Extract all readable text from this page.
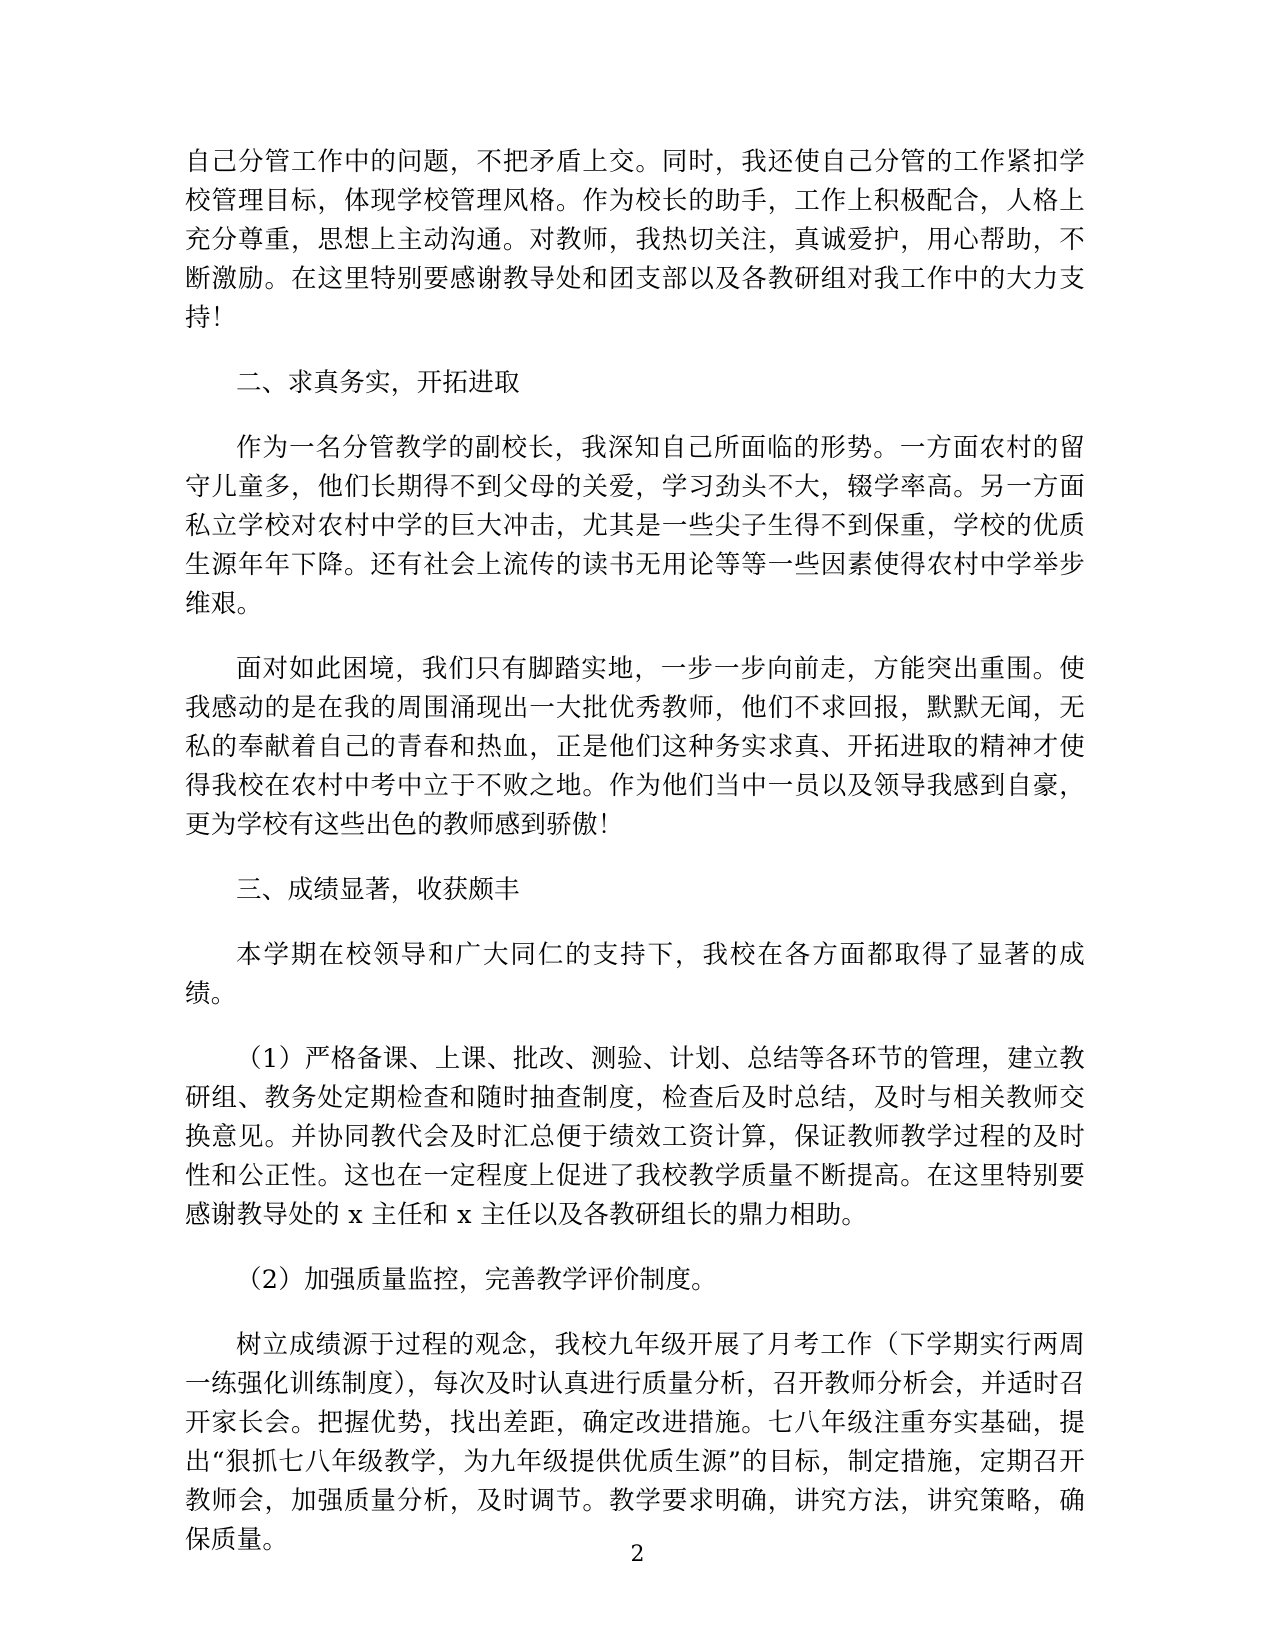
自己分管工作中的问题，不把矛盾上交。同时，我还使自己分管的工作紧扣学校管理目标，体现学校管理风格。作为校长的助手，工作上积极配合，人格上充分尊重，思想上主动沟通。对教师，我热切关注，真诚爱护，用心帮助，不断激励。在这里特别要感谢教导处和团支部以及各教研组对我工作中的大力支持！

二、求真务实，开拓进取

作为一名分管教学的副校长，我深知自己所面临的形势。一方面农村的留守儿童多，他们长期得不到父母的关爱，学习劲头不大，辍学率高。另一方面私立学校对农村中学的巨大冲击，尤其是一些尖子生得不到保重，学校的优质生源年年下降。还有社会上流传的读书无用论等等一些因素使得农村中学举步维艰。

面对如此困境，我们只有脚踏实地，一步一步向前走，方能突出重围。使我感动的是在我的周围涌现出一大批优秀教师，他们不求回报，默默无闻，无私的奉献着自己的青春和热血，正是他们这种务实求真、开拓进取的精神才使得我校在农村中考中立于不败之地。作为他们当中一员以及领导我感到自豪，更为学校有这些出色的教师感到骄傲！

三、成绩显著，收获颇丰

本学期在校领导和广大同仁的支持下，我校在各方面都取得了显著的成绩。

（1）严格备课、上课、批改、测验、计划、总结等各环节的管理，建立教研组、教务处定期检查和随时抽查制度，检查后及时总结，及时与相关教师交换意见。并协同教代会及时汇总便于绩效工资计算，保证教师教学过程的及时性和公正性。这也在一定程度上促进了我校教学质量不断提高。在这里特别要感谢教导处的 x 主任和 x 主任以及各教研组长的鼎力相助。

（2）加强质量监控，完善教学评价制度。

树立成绩源于过程的观念，我校九年级开展了月考工作（下学期实行两周一练强化训练制度），每次及时认真进行质量分析，召开教师分析会，并适时召开家长会。把握优势，找出差距，确定改进措施。七八年级注重夯实基础，提出“狠抓七八年级教学，为九年级提供优质生源”的目标，制定措施，定期召开教师会，加强质量分析，及时调节。教学要求明确，讲究方法，讲究策略，确保质量。	2
